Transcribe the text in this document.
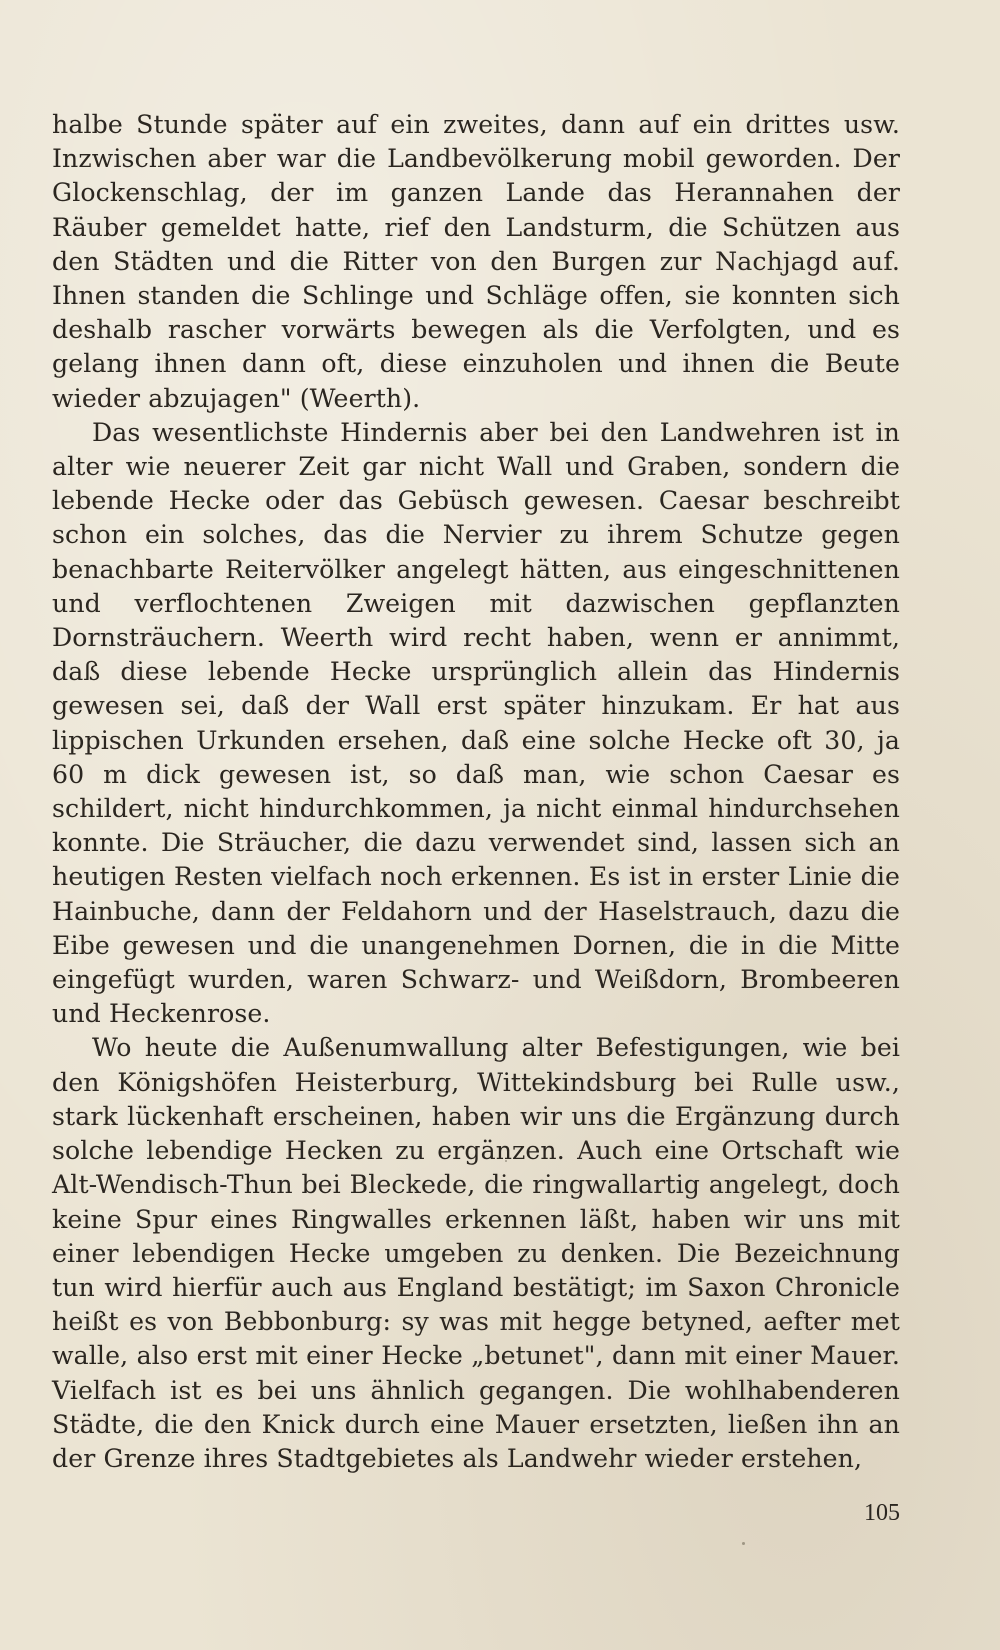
halbe Stunde später auf ein zweites, dann auf ein drittes usw. Inzwischen aber war die Landbevölkerung mobil geworden. Der Glockenschlag, der im ganzen Lande das Herannahen der Räuber gemeldet hatte, rief den Landsturm, die Schützen aus den Städten und die Ritter von den Burgen zur Nachjagd auf. Ihnen standen die Schlinge und Schläge offen, sie konnten sich deshalb rascher vorwärts bewegen als die Verfolgten, und es gelang ihnen dann oft, diese einzuholen und ihnen die Beute wieder abzujagen" (Weerth).

Das wesentlichste Hindernis aber bei den Landwehren ist in alter wie neuerer Zeit gar nicht Wall und Graben, sondern die lebende Hecke oder das Gebüsch gewesen. Caesar beschreibt schon ein solches, das die Nervier zu ihrem Schutze gegen benachbarte Reitervölker angelegt hätten, aus eingeschnittenen und verflochtenen Zweigen mit dazwischen gepflanzten Dornsträuchern. Weerth wird recht haben, wenn er annimmt, daß diese lebende Hecke ursprünglich allein das Hindernis gewesen sei, daß der Wall erst später hinzukam. Er hat aus lippischen Urkunden ersehen, daß eine solche Hecke oft 30, ja 60 m dick gewesen ist, so daß man, wie schon Caesar es schildert, nicht hindurchkommen, ja nicht einmal hindurchsehen konnte. Die Sträucher, die dazu verwendet sind, lassen sich an heutigen Resten vielfach noch erkennen. Es ist in erster Linie die Hainbuche, dann der Feldahorn und der Haselstrauch, dazu die Eibe gewesen und die unangenehmen Dornen, die in die Mitte eingefügt wurden, waren Schwarz- und Weißdorn, Brombeeren und Heckenrose.

Wo heute die Außenumwallung alter Befestigungen, wie bei den Königshöfen Heisterburg, Wittekindsburg bei Rulle usw., stark lückenhaft erscheinen, haben wir uns die Ergänzung durch solche lebendige Hecken zu ergänzen. Auch eine Ortschaft wie Alt-Wendisch-Thun bei Bleckede, die ringwallartig angelegt, doch keine Spur eines Ringwalles erkennen läßt, haben wir uns mit einer lebendigen Hecke umgeben zu denken. Die Bezeichnung tun wird hierfür auch aus England bestätigt; im Saxon Chronicle heißt es von Bebbonburg: sy was mit hegge betyned, aefter met walle, also erst mit einer Hecke „betunet", dann mit einer Mauer. Vielfach ist es bei uns ähnlich gegangen. Die wohlhabenderen Städte, die den Knick durch eine Mauer ersetzten, ließen ihn an der Grenze ihres Stadtgebietes als Landwehr wieder erstehen,

105
